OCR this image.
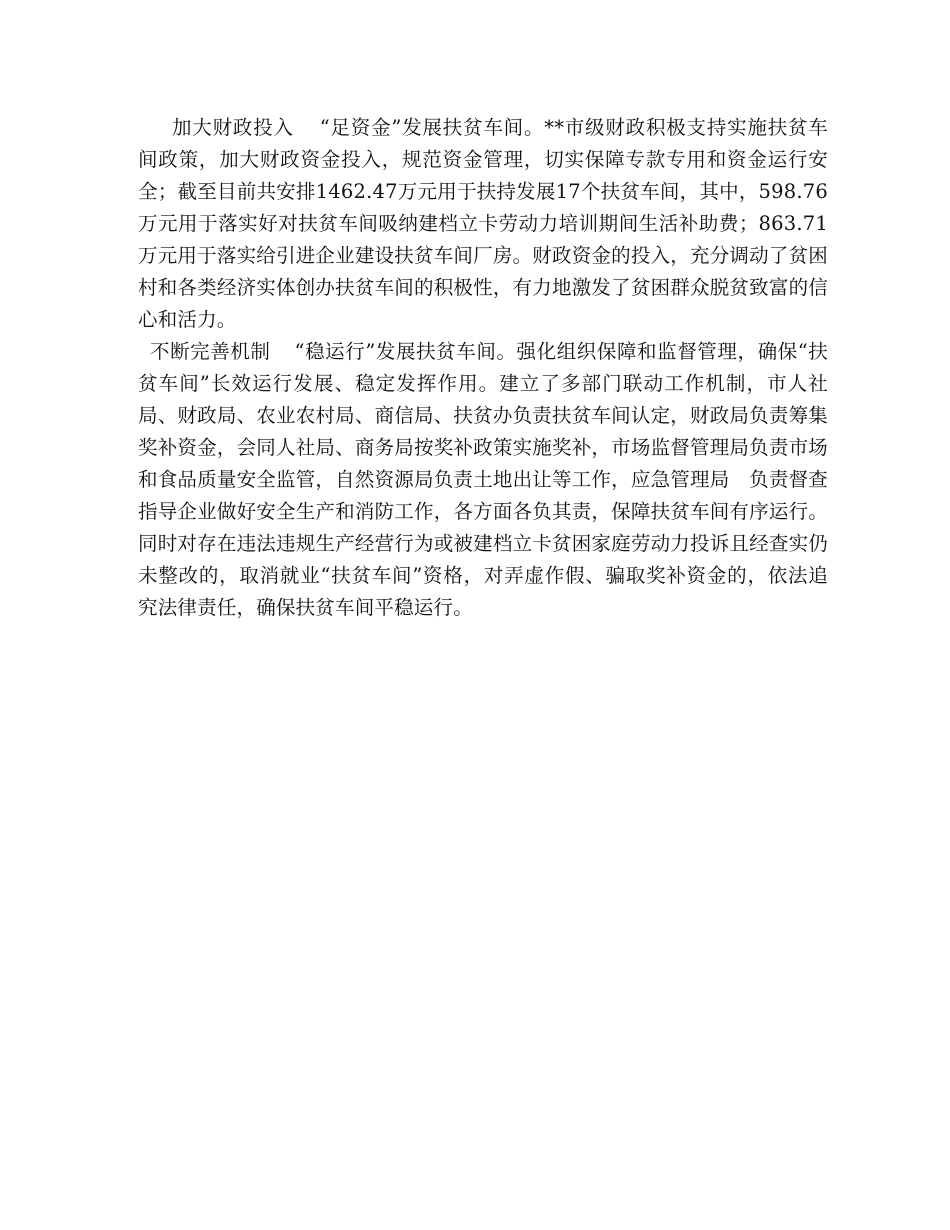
加大财政投入 “足资金”发展扶贫车间。**市级财政积极支持实施扶贫车间政策，加大财政资金投入，规范资金管理，切实保障专款专用和资金运行安全；截至目前共安排1462.47万元用于扶持发展17个扶贫车间，其中，598.76万元用于落实好对扶贫车间吸纳建档立卡劳动力培训期间生活补助费；863.71万元用于落实给引进企业建设扶贫车间厂房。财政资金的投入，充分调动了贫困村和各类经济实体创办扶贫车间的积极性，有力地激发了贫困群众脱贫致富的信心和活力。

不断完善机制 “稳运行”发展扶贫车间。强化组织保障和监督管理，确保“扶贫车间”长效运行发展、稳定发挥作用。建立了多部门联动工作机制，市人社局、财政局、农业农村局、商信局、扶贫办负责扶贫车间认定，财政局负责筹集奖补资金，会同人社局、商务局按奖补政策实施奖补，市场监督管理局负责市场和食品质量安全监管，自然资源局负责土地出让等工作，应急管理局　负责督查指导企业做好安全生产和消防工作，各方面各负其责，保障扶贫车间有序运行。同时对存在违法违规生产经营行为或被建档立卡贫困家庭劳动力投诉且经查实仍未整改的，取消就业“扶贫车间”资格，对弄虚作假、骗取奖补资金的，依法追究法律责任，确保扶贫车间平稳运行。
